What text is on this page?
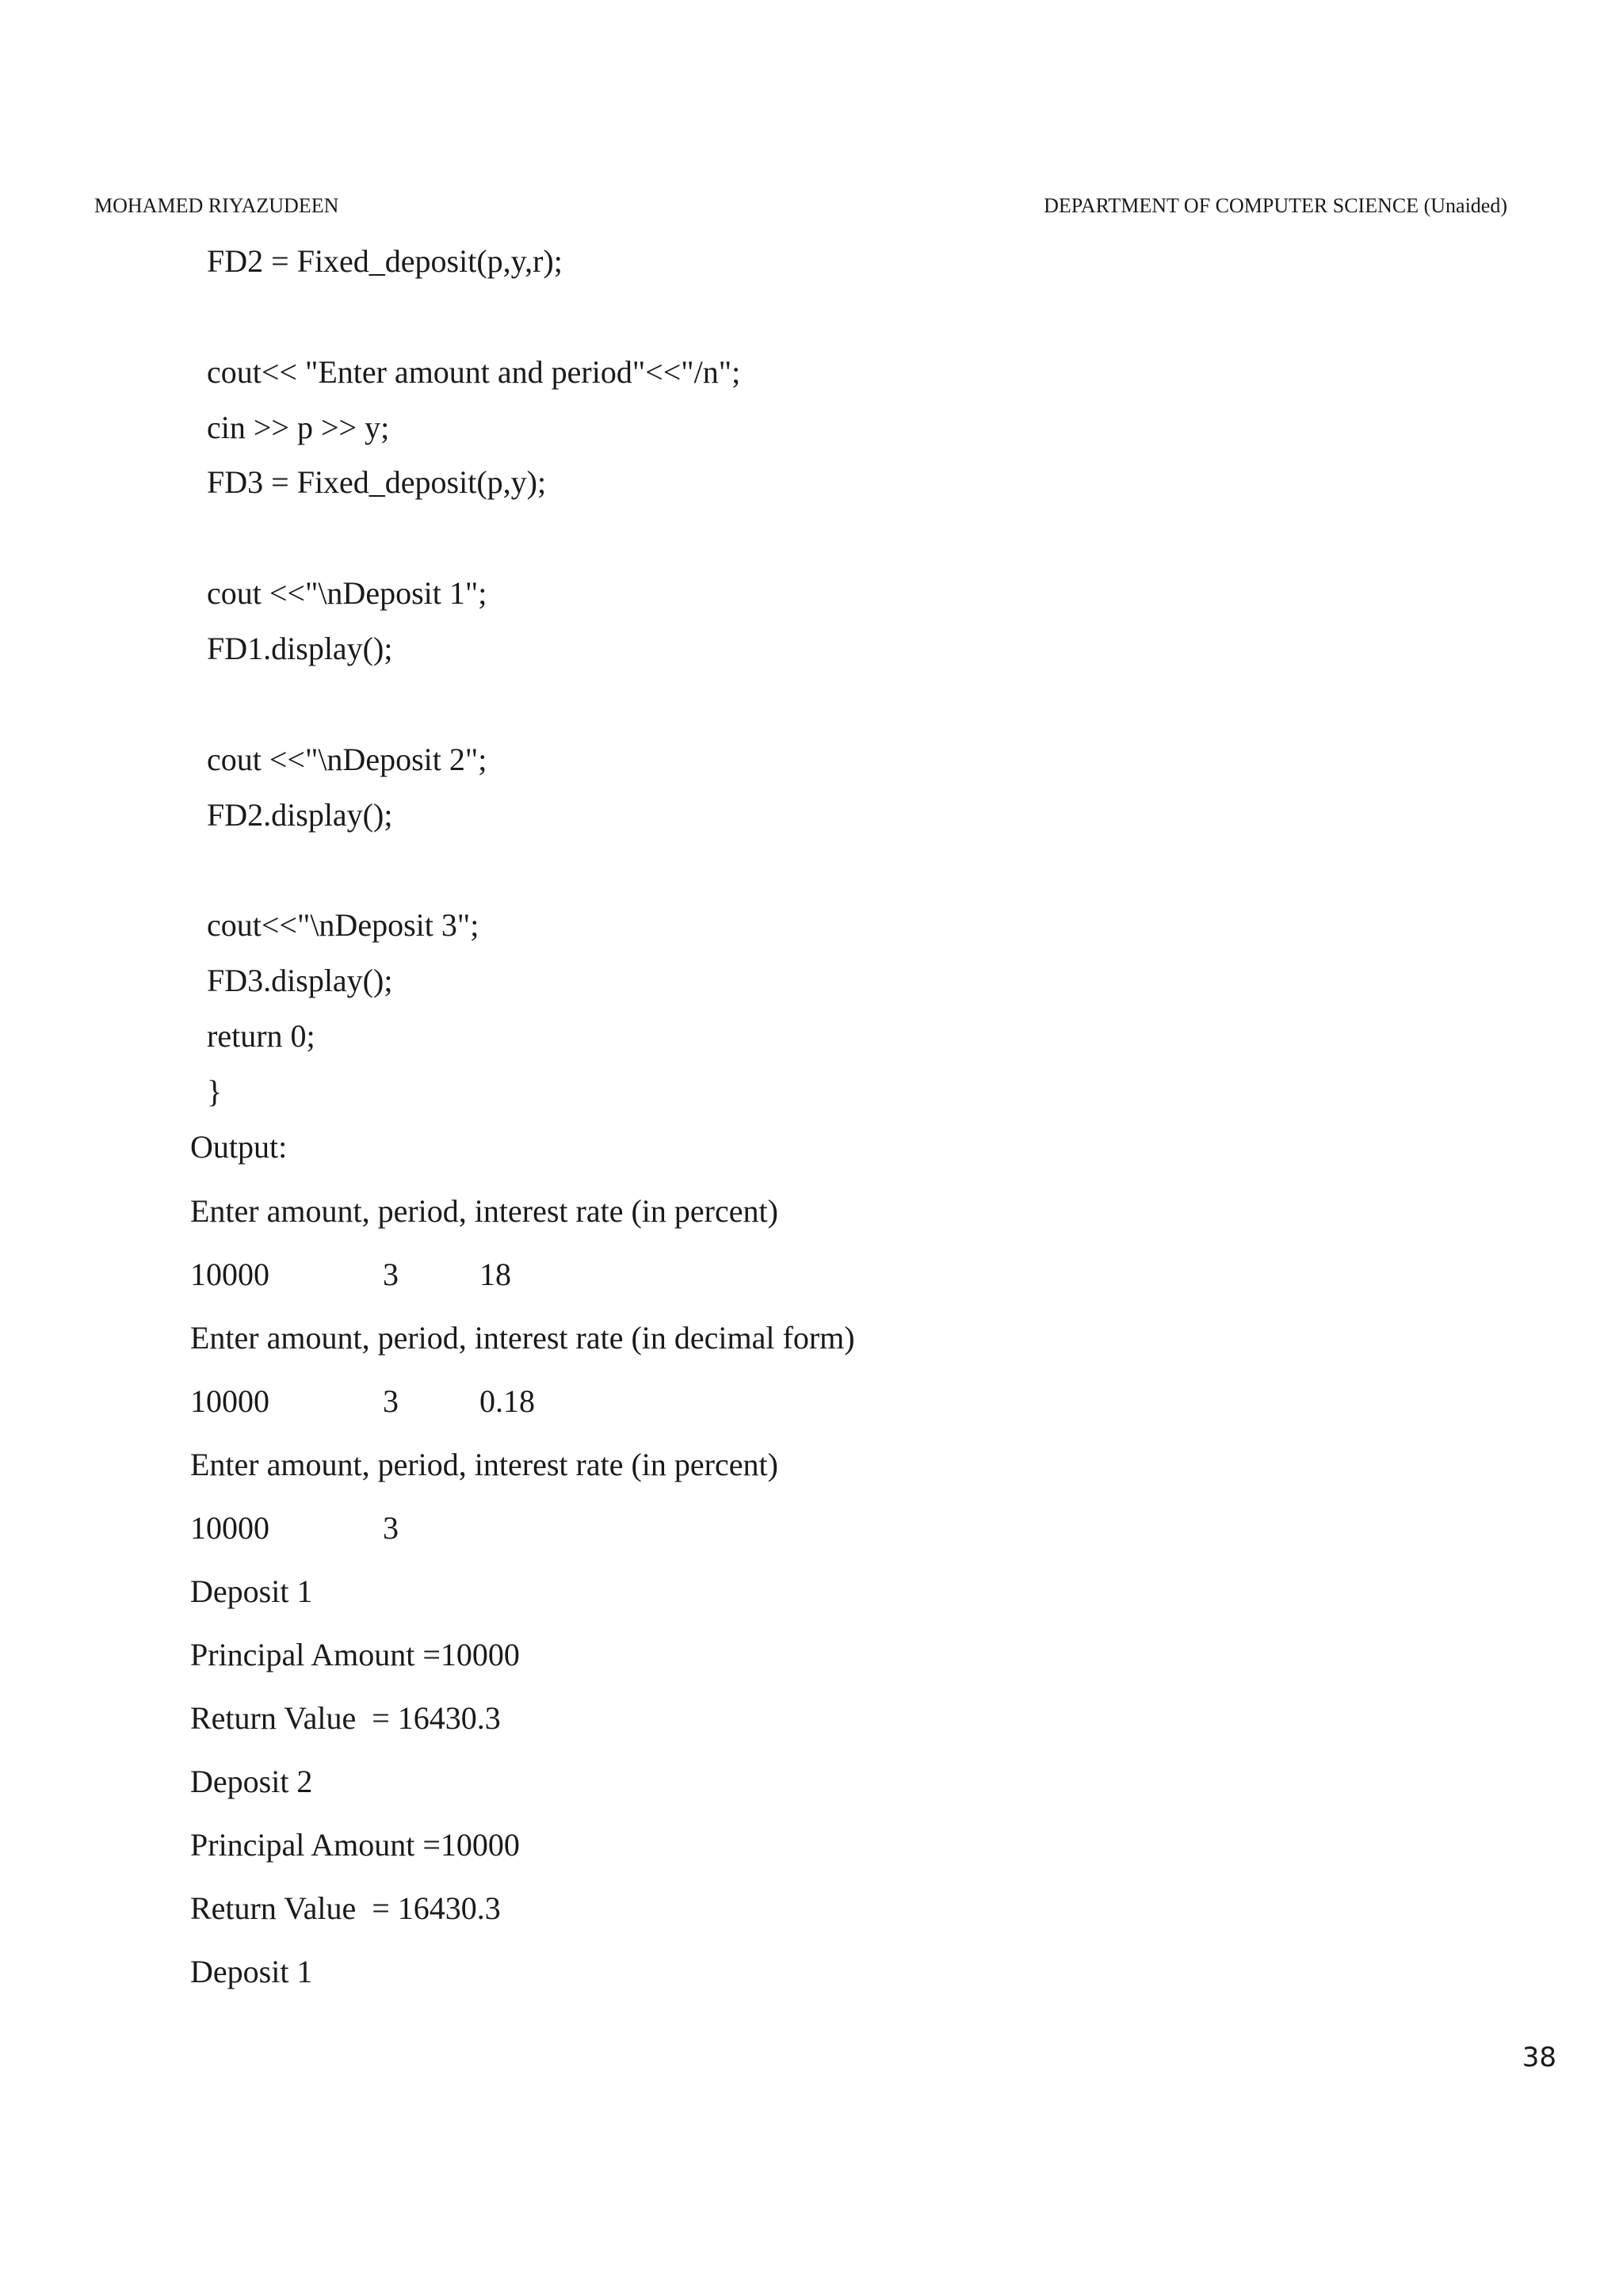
MOHAMED RIYAZUDEEN	DEPARTMENT OF COMPUTER SCIENCE (Unaided)
FD2 = Fixed_deposit(p,y,r);
cout<< "Enter amount and period"<<"/n";
cin >> p >> y;
FD3 = Fixed_deposit(p,y);
cout <<"\nDeposit 1";
FD1.display();
cout <<"\nDeposit 2";
FD2.display();
cout<<"\nDeposit 3";
FD3.display();
return 0;
}
Output:
Enter amount, period, interest rate (in percent)
10000	3	18
Enter amount, period, interest rate (in decimal form)
10000	3	0.18
Enter amount, period, interest rate (in percent)
10000	3
Deposit 1
Principal Amount =10000
Return Value  = 16430.3
Deposit 2
Principal Amount =10000
Return Value  = 16430.3
Deposit 1
38
